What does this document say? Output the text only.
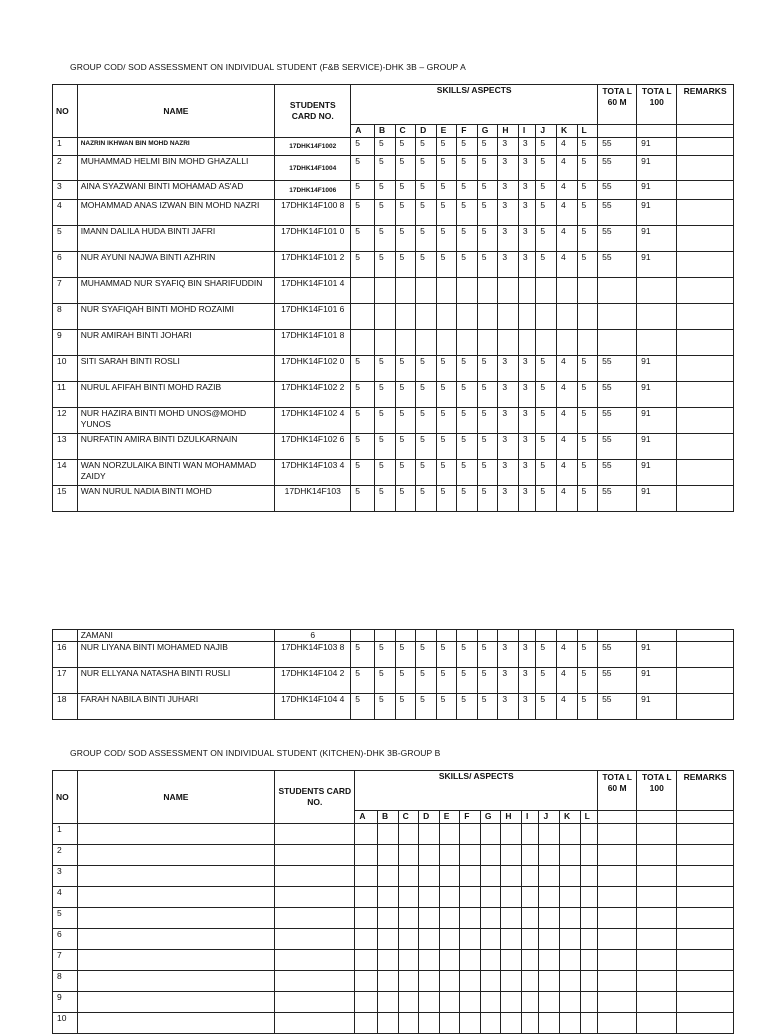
GROUP COD/ SOD ASSESSMENT ON INDIVIDUAL STUDENT (F&B SERVICE)-DHK 3B – GROUP A
NO	NAME	STUDENTS CARD NO.	SKILLS/ ASPECTS												TOTA L 60 M	TOTA L 100	REMARKS
			A	B	C	D	E	F	G	H	I	J	K	L			
1	NAZRIN IKHWAN BIN MOHD NAZRI	17DHK14F1002	5	5	5	5	5	5	5	3	3	5	4	5	55	91	
2	MUHAMMAD HELMI BIN MOHD GHAZALLI	17DHK14F1004	5	5	5	5	5	5	5	3	3	5	4	5	55	91	
3	AINA SYAZWANI BINTI MOHAMAD AS'AD	17DHK14F1006	5	5	5	5	5	5	5	3	3	5	4	5	55	91	
4	MOHAMMAD ANAS IZWAN BIN MOHD NAZRI	17DHK14F100 8	5	5	5	5	5	5	5	3	3	5	4	5	55	91	
5	IMANN DALILA HUDA BINTI JAFRI	17DHK14F101 0	5	5	5	5	5	5	5	3	3	5	4	5	55	91	
6	NUR AYUNI NAJWA BINTI AZHRIN	17DHK14F101 2	5	5	5	5	5	5	5	3	3	5	4	5	55	91	
7	MUHAMMAD NUR SYAFIQ BIN SHARIFUDDIN	17DHK14F101 4															
8	NUR SYAFIQAH BINTI MOHD ROZAIMI	17DHK14F101 6															
9	NUR AMIRAH BINTI JOHARI	17DHK14F101 8															
10	SITI SARAH BINTI ROSLI	17DHK14F102 0	5	5	5	5	5	5	5	3	3	5	4	5	55	91	
11	NURUL AFIFAH BINTI MOHD RAZIB	17DHK14F102 2	5	5	5	5	5	5	5	3	3	5	4	5	55	91	
12	NUR HAZIRA BINTI MOHD UNOS@MOHD YUNOS	17DHK14F102 4	5	5	5	5	5	5	5	3	3	5	4	5	55	91	
13	NURFATIN AMIRA BINTI DZULKARNAIN	17DHK14F102 6	5	5	5	5	5	5	5	3	3	5	4	5	55	91	
14	WAN NORZULAIKA BINTI WAN MOHAMMAD ZAIDY	17DHK14F103 4	5	5	5	5	5	5	5	3	3	5	4	5	55	91	
15	WAN NURUL NADIA BINTI MOHD	17DHK14F103	5	5	5	5	5	5	5	3	3	5	4	5	55	91	
	ZAMANI	6															
16	NUR LIYANA BINTI MOHAMED NAJIB	17DHK14F103 8	5	5	5	5	5	5	5	3	3	5	4	5	55	91	
17	NUR ELLYANA NATASHA BINTI RUSLI	17DHK14F104 2	5	5	5	5	5	5	5	3	3	5	4	5	55	91	
18	FARAH NABILA BINTI JUHARI	17DHK14F104 4	5	5	5	5	5	5	5	3	3	5	4	5	55	91	
GROUP COD/ SOD ASSESSMENT ON INDIVIDUAL STUDENT (KITCHEN)-DHK 3B-GROUP B
NO	NAME	STUDENTS CARD NO.	SKILLS/ ASPECTS												TOTA L 60 M	TOTA L 100	REMARKS
			A	B	C	D	E	F	G	H	I	J	K	L			
1																	
2																	
3																	
4																	
5																	
6																	
7																	
8																	
9																	
10																	
